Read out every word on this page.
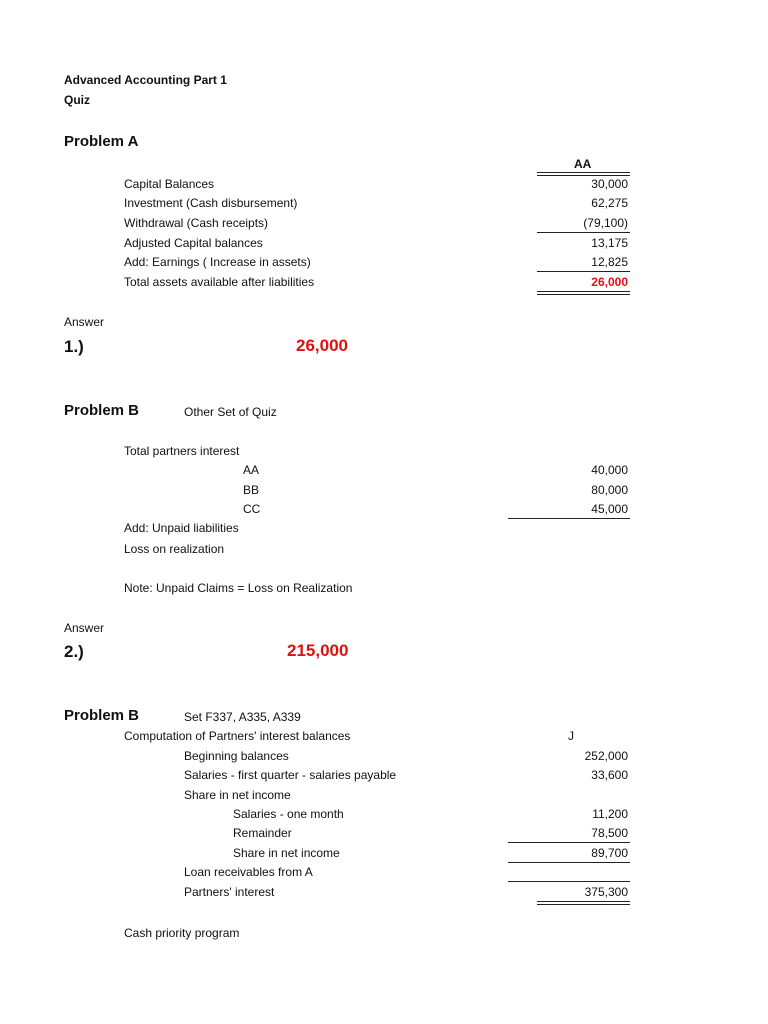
Advanced Accounting Part 1
Quiz
Problem A
AA
Capital Balances	30,000
Investment (Cash disbursement)	62,275
Withdrawal (Cash receipts)	(79,100)
Adjusted Capital balances	13,175
Add: Earnings ( Increase in assets)	12,825
Total assets available after liabilities	26,000
Answer
1.)	26,000
Problem B	Other Set of Quiz
Total partners interest
AA	40,000
BB	80,000
CC	45,000
Add: Unpaid liabilities
Loss on realization
Note: Unpaid Claims = Loss on Realization
Answer
2.)	215,000
Problem B	Set F337, A335, A339
Computation of Partners' interest balances	J
Beginning balances	252,000
Salaries - first quarter - salaries payable	33,600
Share in net income
Salaries - one month	11,200
Remainder	78,500
Share in net income	89,700
Loan receivables from A
Partners' interest	375,300
Cash priority program
